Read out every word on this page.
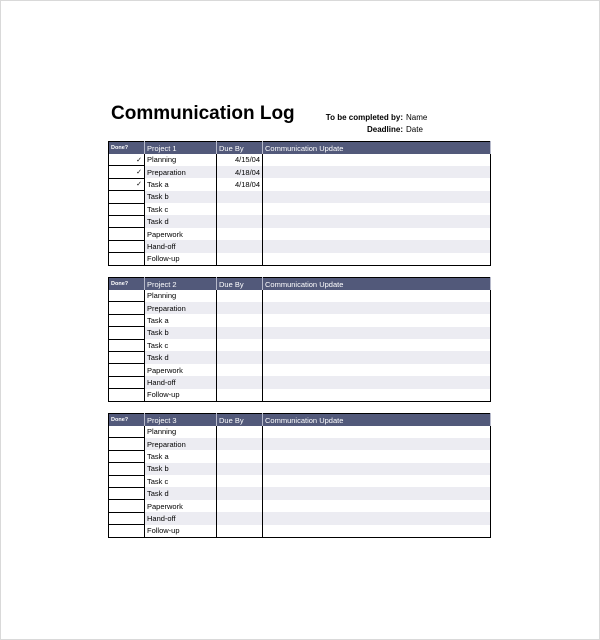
Communication Log	To be completed by: Name
Deadline: Date
Done?	Project 1	Due By	Communication Update
✓	Planning	4/15/04	
✓	Preparation	4/18/04	
✓	Task a	4/18/04	
	Task b		
	Task c		
	Task d		
	Paperwork		
	Hand-off		
	Follow-up		
Done?	Project 2	Due By	Communication Update
	Planning		
	Preparation		
	Task a		
	Task b		
	Task c		
	Task d		
	Paperwork		
	Hand-off		
	Follow-up		
Done?	Project 3	Due By	Communication Update
	Planning		
	Preparation		
	Task a		
	Task b		
	Task c		
	Task d		
	Paperwork		
	Hand-off		
	Follow-up		
